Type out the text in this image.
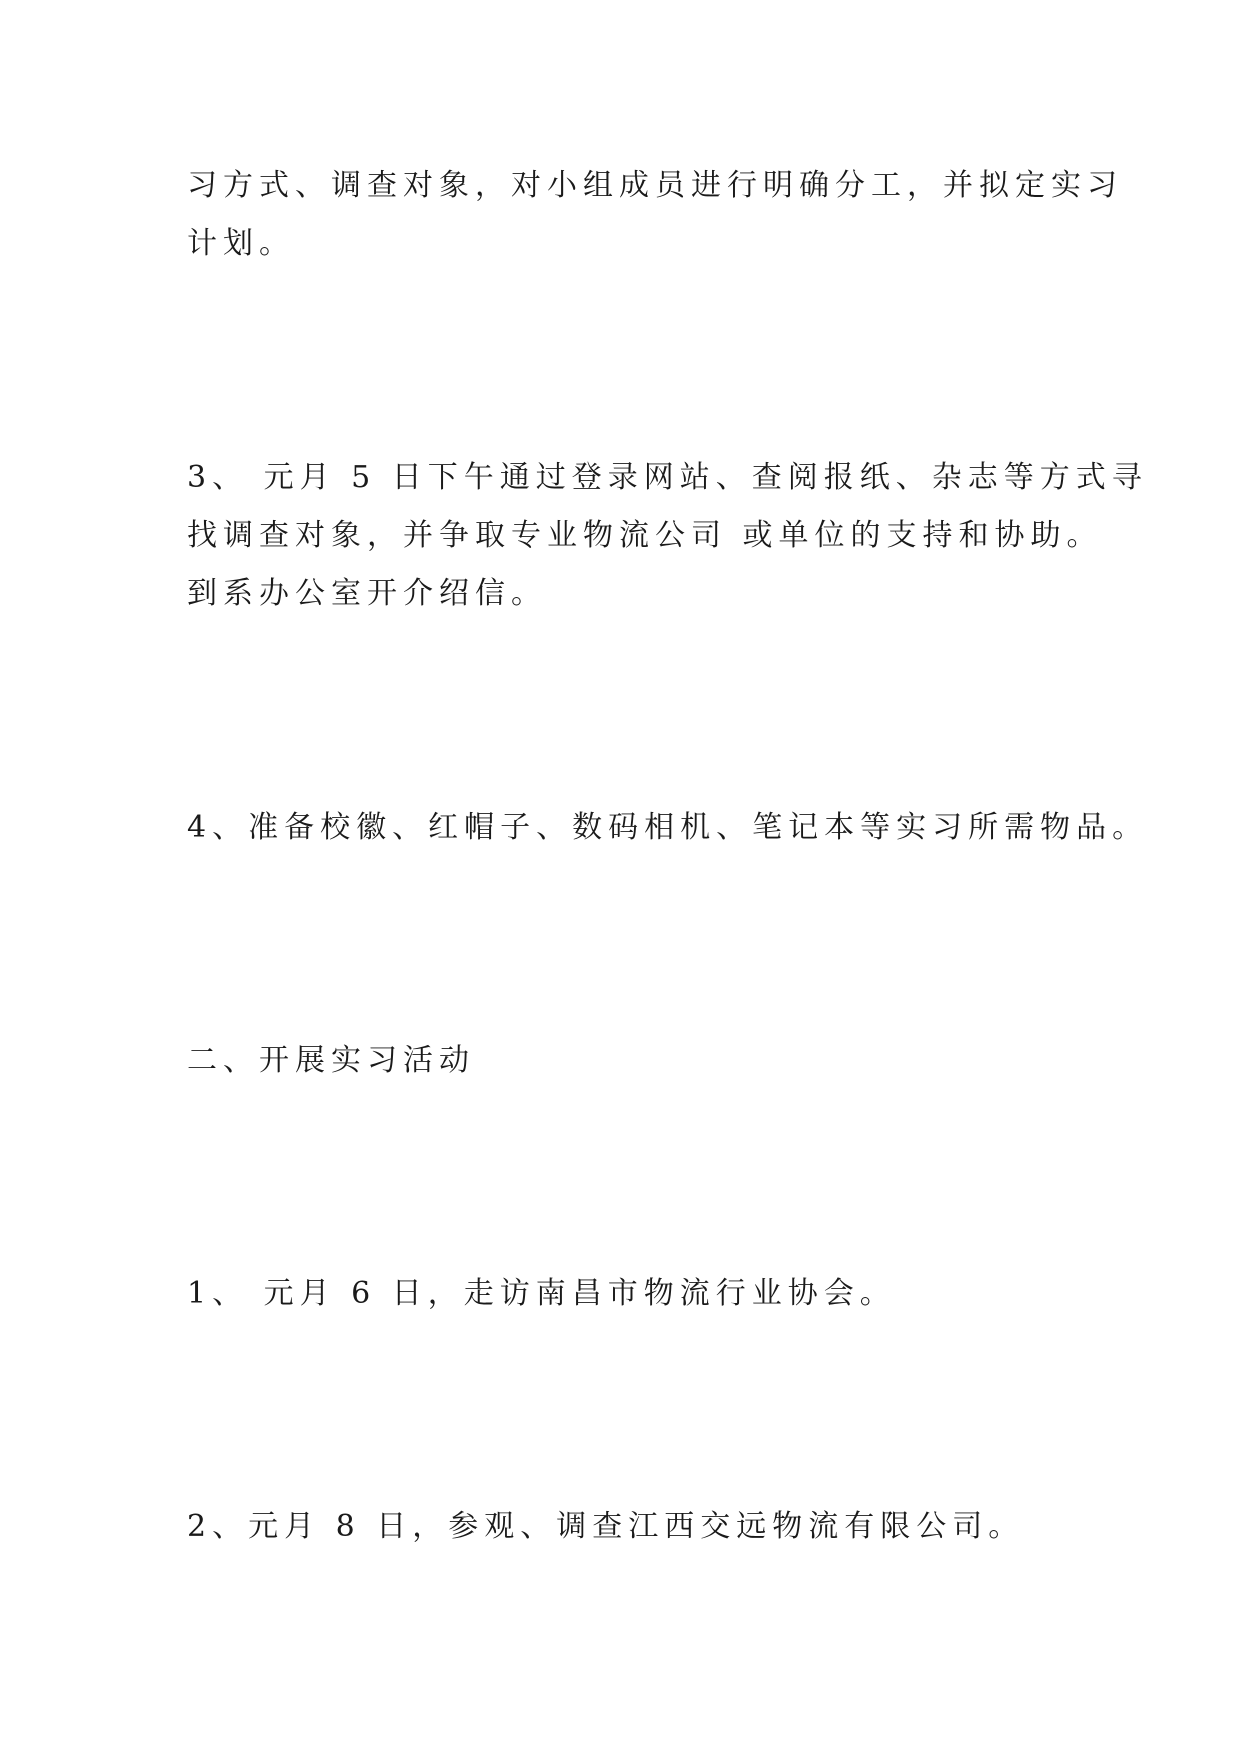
习方式、调查对象，对小组成员进行明确分工，并拟定实习

计划。

3、 元月 5 日下午通过登录网站、查阅报纸、杂志等方式寻

找调查对象，并争取专业物流公司 或单位的支持和协助。

到系办公室开介绍信。

4、准备校徽、红帽子、数码相机、笔记本等实习所需物品。

二、开展实习活动

1、 元月 6 日，走访南昌市物流行业协会。

2、元月 8 日，参观、调查江西交远物流有限公司。
